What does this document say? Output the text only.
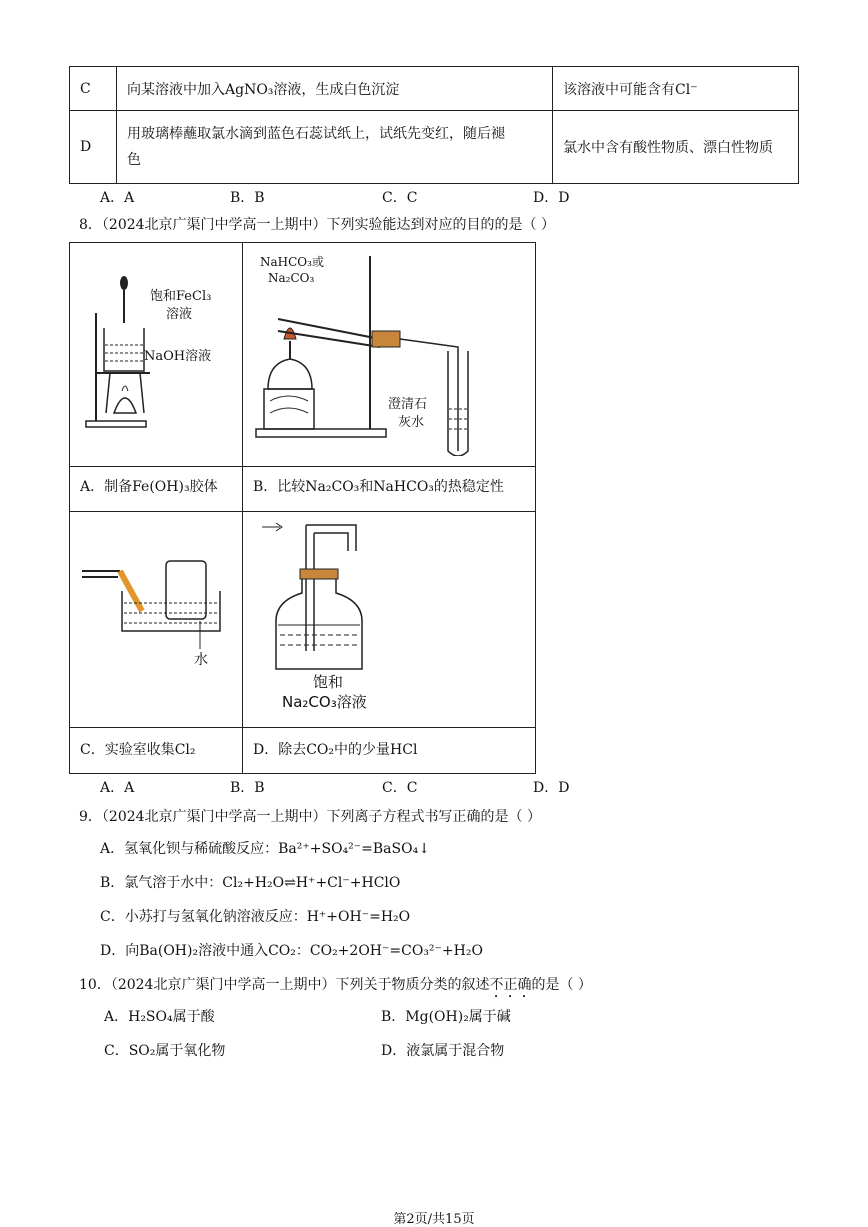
C	向某溶液中加入AgNO₃溶液，生成白色沉淀	该溶液中可能含有Cl⁻
D	用玻璃棒蘸取氯水滴到蓝色石蕊试纸上，试纸先变红，随后褪
色	氯水中含有酸性物质、漂白性物质
A．A	B．B	C．C	D．D
8．（2024北京广渠门中学高一上期中）下列实验能达到对应的目的的是（ ）
饱和FeCl₃
溶液
NaOH溶液
NaHCO₃或
Na₂CO₃
澄清石
灰水
A．制备Fe(OH)₃胶体	B．比较Na₂CO₃和NaHCO₃的热稳定性
水
饱和
Na₂CO₃溶液
C．实验室收集Cl₂	D．除去CO₂中的少量HCl
A．A	B．B	C．C	D．D
9．（2024北京广渠门中学高一上期中）下列离子方程式书写正确的是（ ）
A．氢氧化钡与稀硫酸反应：Ba²⁺+SO₄²⁻=BaSO₄↓
B．氯气溶于水中：Cl₂+H₂O⇌H⁺+Cl⁻+HClO
C．小苏打与氢氧化钠溶液反应：H⁺+OH⁻=H₂O
D．向Ba(OH)₂溶液中通入CO₂：CO₂+2OH⁻=CO₃²⁻+H₂O
10．（2024北京广渠门中学高一上期中）下列关于物质分类的叙述不正确的是（ ）
A．H₂SO₄属于酸	B．Mg(OH)₂属于碱
C．SO₂属于氧化物	D．液氯属于混合物
第2页/共15页
